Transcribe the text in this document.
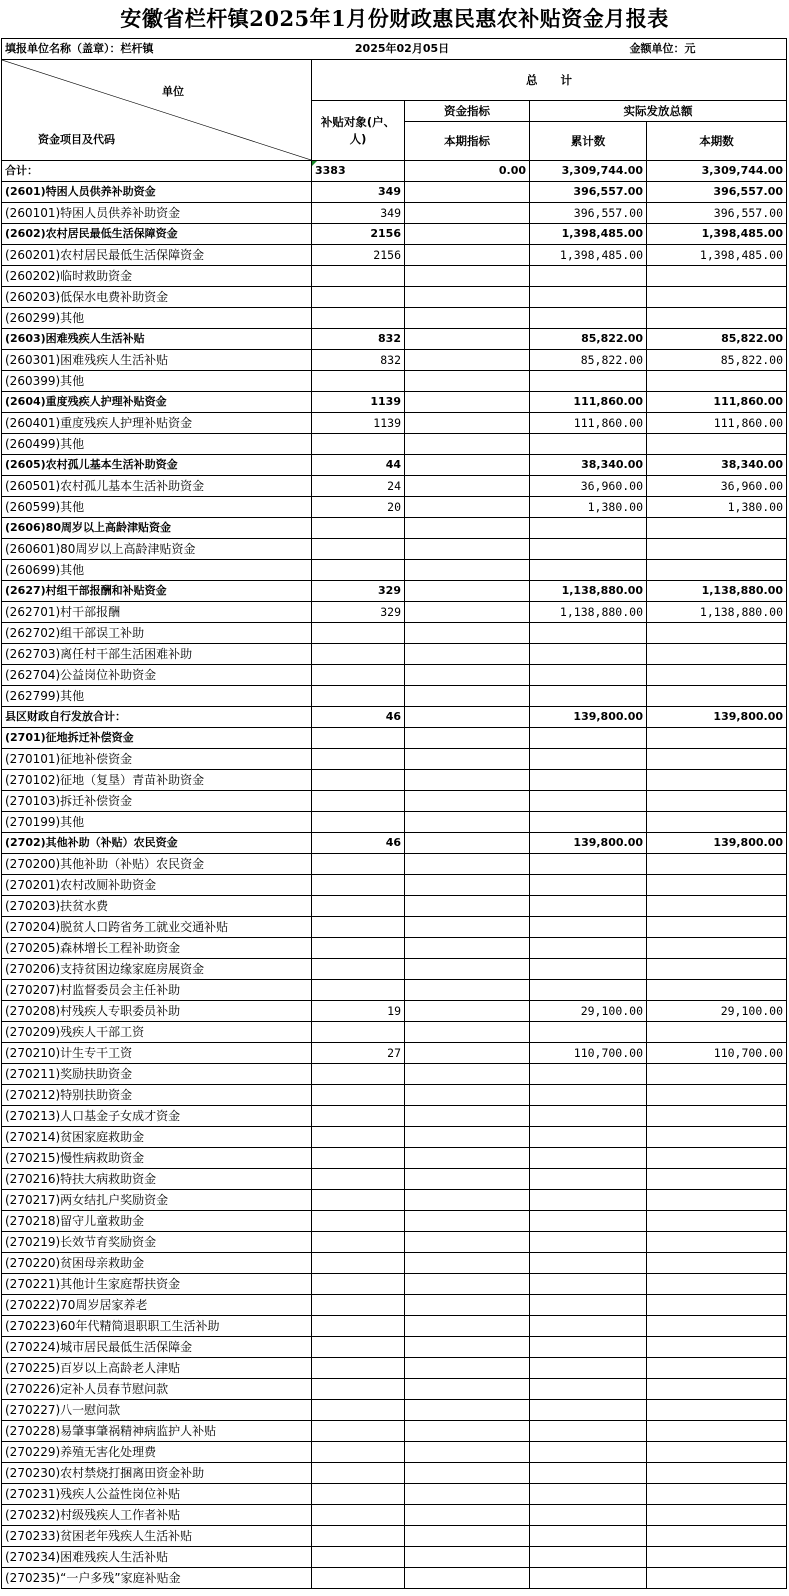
安徽省栏杆镇2025年1月份财政惠民惠农补贴资金月报表
填报单位名称（盖章）：栏杆镇	2025年02月05日		金额单位：元	

单位
资金项目及代码	总　　计			
	补贴对象(户、人)	资金指标	实际发放总额	
		本期指标	累计数	本期数
合计：	3383	0.00	3,309,744.00	3,309,744.00
(2601)特困人员供养补助资金	349		396,557.00	396,557.00
(260101)特困人员供养补助资金	349		396,557.00	396,557.00
(2602)农村居民最低生活保障资金	2156		1,398,485.00	1,398,485.00
(260201)农村居民最低生活保障资金	2156		1,398,485.00	1,398,485.00
(260202)临时救助资金				
(260203)低保水电费补助资金				
(260299)其他				
(2603)困难残疾人生活补贴	832		85,822.00	85,822.00
(260301)困难残疾人生活补贴	832		85,822.00	85,822.00
(260399)其他				
(2604)重度残疾人护理补贴资金	1139		111,860.00	111,860.00
(260401)重度残疾人护理补贴资金	1139		111,860.00	111,860.00
(260499)其他				
(2605)农村孤儿基本生活补助资金	44		38,340.00	38,340.00
(260501)农村孤儿基本生活补助资金	24		36,960.00	36,960.00
(260599)其他	20		1,380.00	1,380.00
(2606)80周岁以上高龄津贴资金				
(260601)80周岁以上高龄津贴资金				
(260699)其他				
(2627)村组干部报酬和补贴资金	329		1,138,880.00	1,138,880.00
(262701)村干部报酬	329		1,138,880.00	1,138,880.00
(262702)组干部误工补助				
(262703)离任村干部生活困难补助				
(262704)公益岗位补助资金				
(262799)其他				
县区财政自行发放合计：	46		139,800.00	139,800.00
(2701)征地拆迁补偿资金				
(270101)征地补偿资金				
(270102)征地（复垦）青苗补助资金				
(270103)拆迁补偿资金				
(270199)其他				
(2702)其他补助（补贴）农民资金	46		139,800.00	139,800.00
(270200)其他补助（补贴）农民资金				
(270201)农村改厕补助资金				
(270203)扶贫水费				
(270204)脱贫人口跨省务工就业交通补贴				
(270205)森林增长工程补助资金				
(270206)支持贫困边缘家庭房展资金				
(270207)村监督委员会主任补助				
(270208)村残疾人专职委员补助	19		29,100.00	29,100.00
(270209)残疾人干部工资				
(270210)计生专干工资	27		110,700.00	110,700.00
(270211)奖励扶助资金				
(270212)特别扶助资金				
(270213)人口基金子女成才资金				
(270214)贫困家庭救助金				
(270215)慢性病救助资金				
(270216)特扶大病救助资金				
(270217)两女结扎户奖励资金				
(270218)留守儿童救助金				
(270219)长效节育奖励资金				
(270220)贫困母亲救助金				
(270221)其他计生家庭帮扶资金				
(270222)70周岁居家养老				
(270223)60年代精简退职职工生活补助				
(270224)城市居民最低生活保障金				
(270225)百岁以上高龄老人津贴				
(270226)定补人员春节慰问款				
(270227)八一慰问款				
(270228)易肇事肇祸精神病监护人补贴				
(270229)养殖无害化处理费				
(270230)农村禁烧打捆离田资金补助				
(270231)残疾人公益性岗位补贴				
(270232)村级残疾人工作者补贴				
(270233)贫困老年残疾人生活补贴				
(270234)困难残疾人生活补贴				
(270235)“一户多残”家庭补贴金				
